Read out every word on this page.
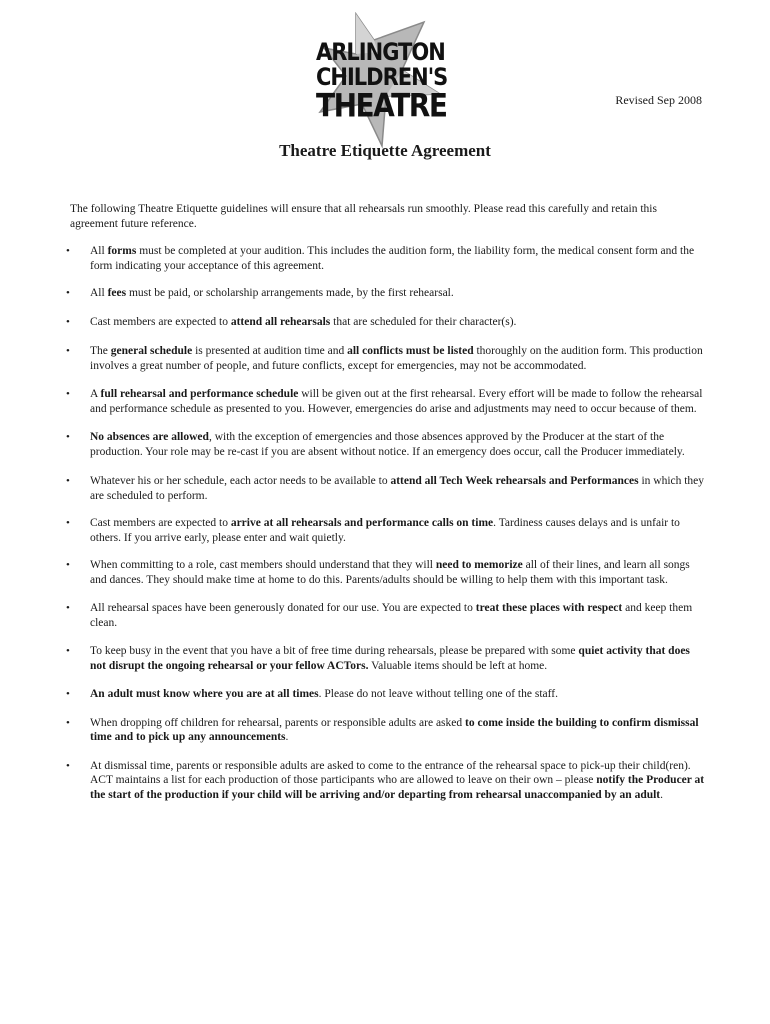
ARLINGTON
CHILDREN'S
THEATRE	Revised Sep 2008
Theatre Etiquette Agreement

The following Theatre Etiquette guidelines will ensure that all rehearsals run smoothly. Please read this carefully and retain this agreement future reference.

• All forms must be completed at your audition. This includes the audition form, the liability form, the medical consent form and the form indicating your acceptance of this agreement.
• All fees must be paid, or scholarship arrangements made, by the first rehearsal.
• Cast members are expected to attend all rehearsals that are scheduled for their character(s).
• The general schedule is presented at audition time and all conflicts must be listed thoroughly on the audition form. This production involves a great number of people, and future conflicts, except for emergencies, may not be accommodated.
• A full rehearsal and performance schedule will be given out at the first rehearsal. Every effort will be made to follow the rehearsal and performance schedule as presented to you. However, emergencies do arise and adjustments may need to occur because of them.
• No absences are allowed, with the exception of emergencies and those absences approved by the Producer at the start of the production. Your role may be re-cast if you are absent without notice. If an emergency does occur, call the Producer immediately.
• Whatever his or her schedule, each actor needs to be available to attend all Tech Week rehearsals and Performances in which they are scheduled to perform.
• Cast members are expected to arrive at all rehearsals and performance calls on time. Tardiness causes delays and is unfair to others. If you arrive early, please enter and wait quietly.
• When committing to a role, cast members should understand that they will need to memorize all of their lines, and learn all songs and dances. They should make time at home to do this. Parents/adults should be willing to help them with this important task.
• All rehearsal spaces have been generously donated for our use. You are expected to treat these places with respect and keep them clean.
• To keep busy in the event that you have a bit of free time during rehearsals, please be prepared with some quiet activity that does not disrupt the ongoing rehearsal or your fellow ACTors. Valuable items should be left at home.
• An adult must know where you are at all times. Please do not leave without telling one of the staff.
• When dropping off children for rehearsal, parents or responsible adults are asked to come inside the building to confirm dismissal time and to pick up any announcements.
• At dismissal time, parents or responsible adults are asked to come to the entrance of the rehearsal space to pick-up their child(ren). ACT maintains a list for each production of those participants who are allowed to leave on their own – please notify the Producer at the start of the production if your child will be arriving and/or departing from rehearsal unaccompanied by an adult.
